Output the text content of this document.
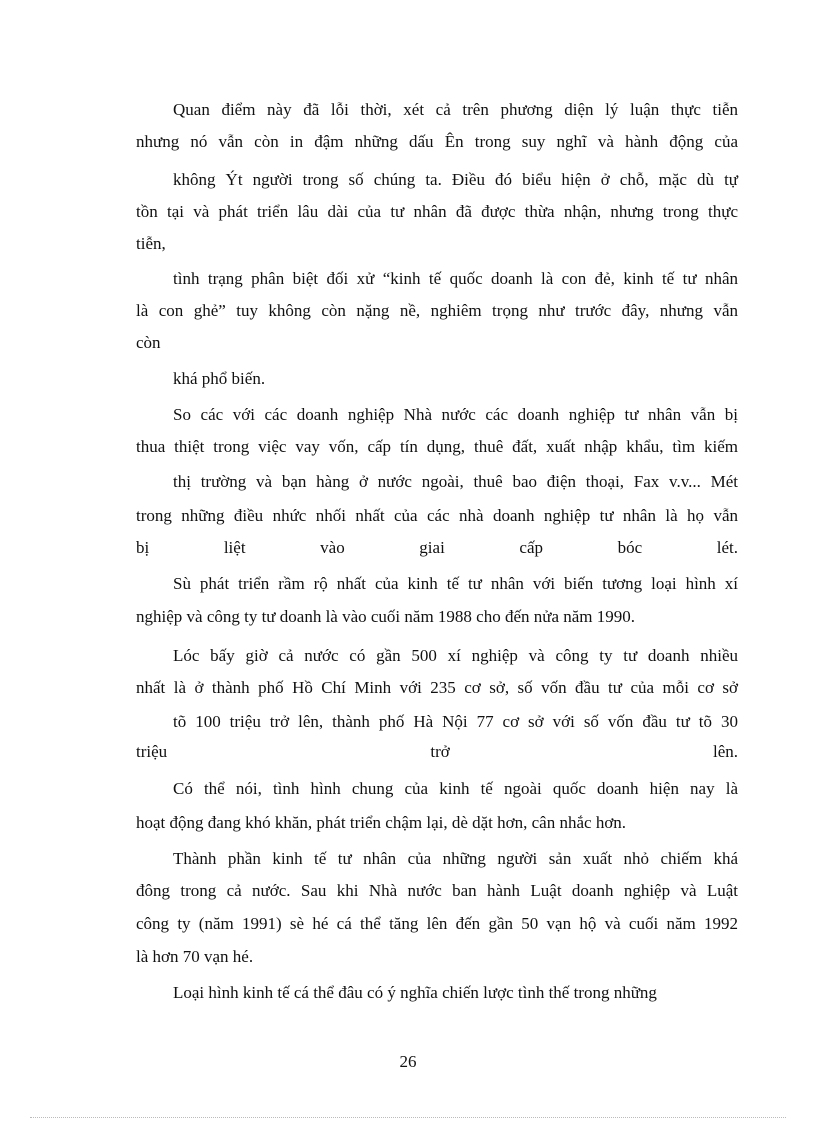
Quan điểm này đã lỗi thời, xét cả trên phương diện lý luận thực tiễn
nhưng nó vẫn còn in đậm những dấu Ên trong suy nghĩ và hành động của
không Ýt người trong số chúng ta. Điều đó biểu hiện ở chỗ, mặc dù tự
tồn tại và phát triển lâu dài của tư nhân đã được thừa nhận, nhưng trong thực
tiễn,
tình trạng phân biệt đối xử “kinh tế quốc doanh là con đẻ, kinh tế tư nhân
là con ghẻ” tuy không còn nặng nề, nghiêm trọng như trước đây, nhưng vẫn
còn
khá phổ biến.
So các với các doanh nghiệp Nhà nước các doanh nghiệp tư nhân vẫn bị
thua thiệt trong việc vay vốn, cấp tín dụng, thuê đất, xuất nhập khẩu, tìm kiếm
thị trường và bạn hàng ở nước ngoài, thuê bao điện thoại, Fax v.v... Mét
trong những điều nhức nhối nhất của các nhà doanh nghiệp tư nhân là họ vẫn
bị liệt vào giai cấp bóc lét.
Sù phát triển rầm rộ nhất của kinh tế tư nhân với biến tương loại hình xí
nghiệp và công ty tư doanh là vào cuối năm 1988 cho đến nửa năm 1990.
Lóc bấy giờ cả nước có gần 500 xí nghiệp và công ty tư doanh nhiều
nhất là ở thành phố Hồ Chí Minh với 235 cơ sở, số vốn đầu tư của mỗi cơ sở
tõ 100 triệu trở lên, thành phố Hà Nội 77 cơ sở với số vốn đầu tư tõ 30
triệu trở lên.
Có thể nói, tình hình chung của kinh tế ngoài quốc doanh hiện nay là
hoạt động đang khó khăn, phát triển chậm lại, dè dặt hơn, cân nhắc hơn.
Thành phần kinh tế tư nhân của những người sản xuất nhỏ chiếm khá
đông trong cả nước. Sau khi Nhà nước ban hành Luật doanh nghiệp và Luật
công ty (năm 1991) sè hé cá thể tăng lên đến gần 50 vạn hộ và cuối năm 1992
là hơn 70 vạn hé.
Loại hình kinh tế cá thể đâu có ý nghĩa chiến lược tình thế trong những
26
